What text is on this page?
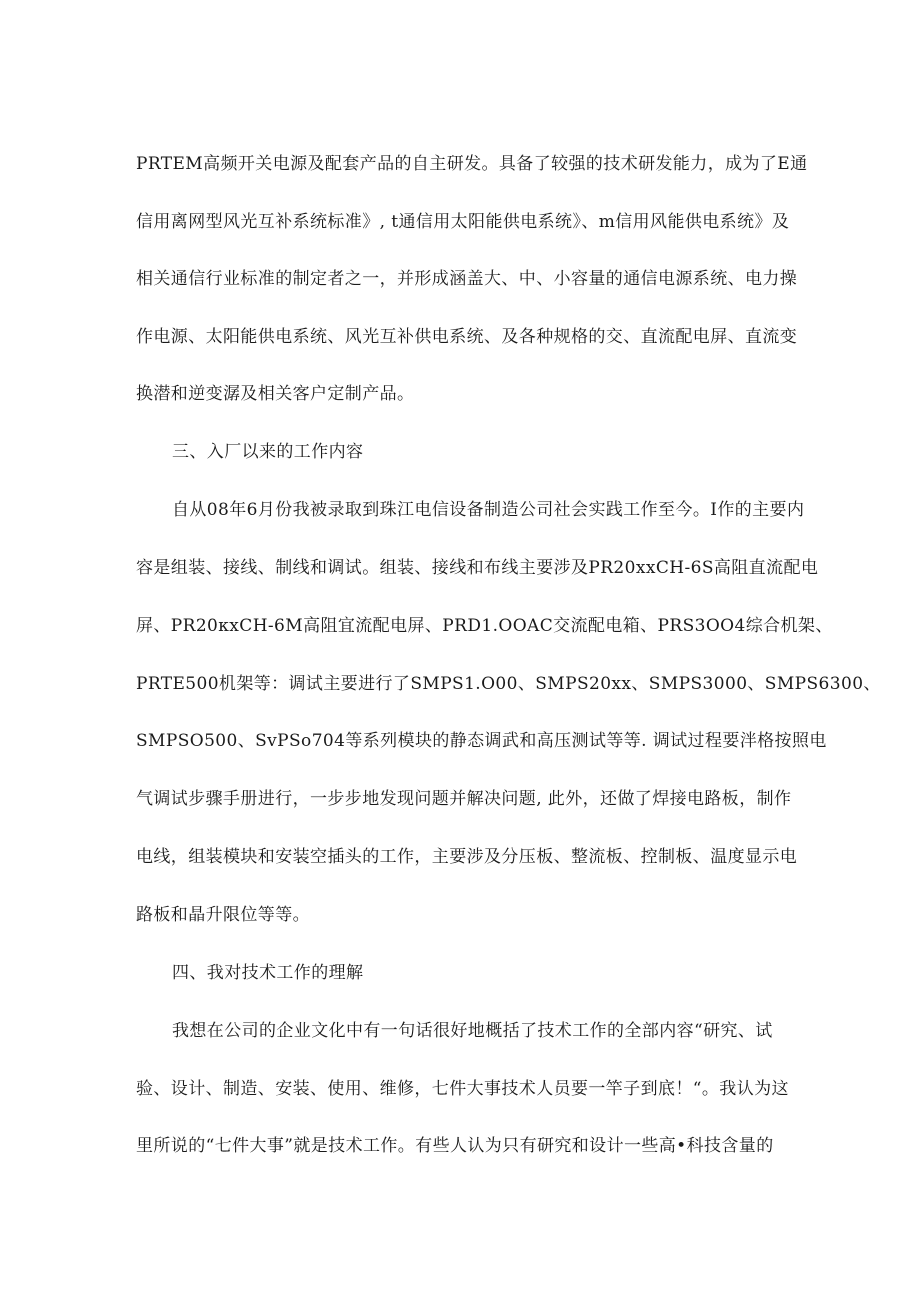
PRTEM高频开关电源及配套产品的自主研发。具备了较强的技术研发能力，成为了E通
信用离网型风光互补系统标准》, t通信用太阳能供电系统》、m信用风能供电系统》及
相关通信行业标准的制定者之一，并形成涵盖大、中、小容量的通信电源系统、电力操
作电源、太阳能供电系统、风光互补供电系统、及各种规格的交、直流配电屏、直流变
换潜和逆变潺及相关客户定制产品。
三、入厂以来的工作内容
自从08年6月份我被录取到珠江电信设备制造公司社会实践工作至今。I作的主要内
容是组装、接线、制线和调试。组装、接线和布线主要涉及PR20xxCH-6S高阻直流配电
屏、PR20κxCH-6M高阻宜流配电屏、PRD1.OOAC交流配电箱、PRS3OO4综合机架、
PRTE500机架等：调试主要进行了SMPS1.O00、SMPS20xx、SMPS3000、SMPS6300、
SMPSO500、SvPSo704等系列模块的静态调武和高压测试等等. 调试过程要泮格按照电
气调试步骤手册进行，一步步地发现问题并解决问题, 此外，还做了焊接电路板，制作
电线，组装模块和安装空插头的工作，主要涉及分压板、整流板、控制板、温度显示电
路板和晶升限位等等。
四、我对技术工作的理解
我想在公司的企业文化中有一句话很好地概括了技术工作的全部内容“研究、试
验、设计、制造、安装、使用、维修，七件大事技术人员要一竿子到底！“。我认为这
里所说的“七件大事”就是技术工作。有些人认为只有研究和设计一些高•科技含量的
